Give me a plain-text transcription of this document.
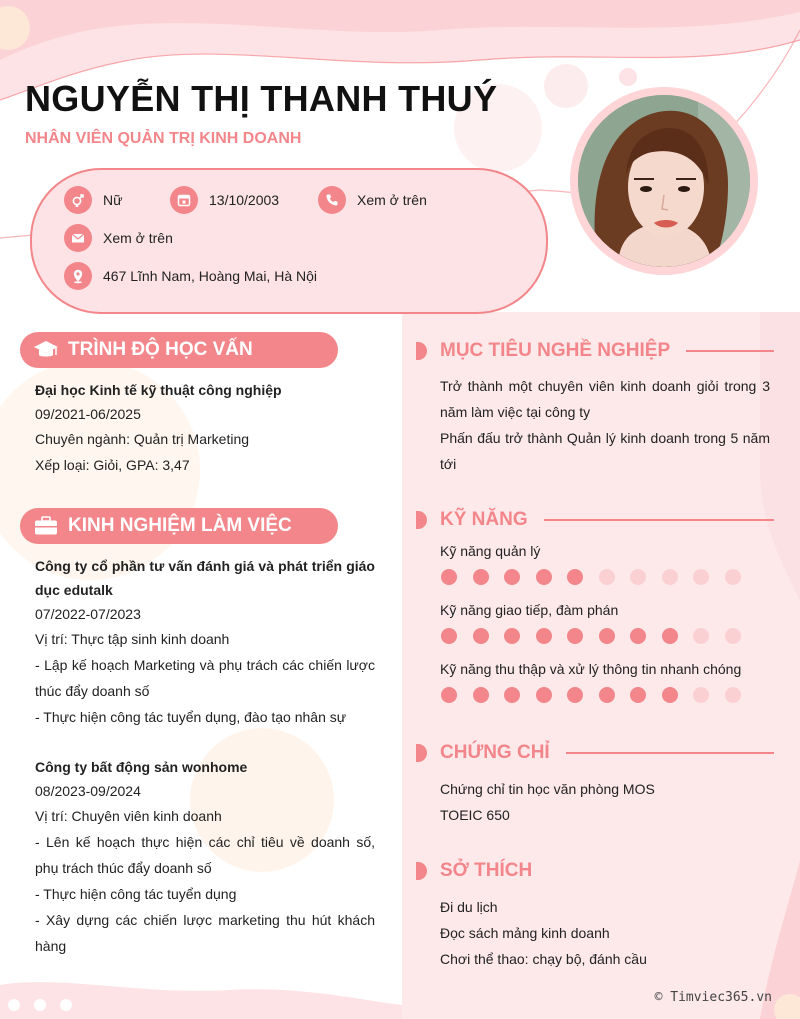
NGUYỄN THỊ THANH THUÝ
NHÂN VIÊN QUẢN TRỊ KINH DOANH
Nữ	13/10/2003	Xem ở trên
Xem ở trên
467 Lĩnh Nam, Hoàng Mai, Hà Nội
TRÌNH ĐỘ HỌC VẤN
Đại học Kinh tế kỹ thuật công nghiệp
09/2021-06/2025
Chuyên ngành: Quản trị Marketing
Xếp loại: Giỏi, GPA: 3,47
KINH NGHIỆM LÀM VIỆC
Công ty cổ phần tư vấn đánh giá và phát triển giáo dục edutalk
07/2022-07/2023
Vị trí: Thực tập sinh kinh doanh
- Lập kế hoạch Marketing và phụ trách các chiến lược thúc đẩy doanh số
- Thực hiện công tác tuyển dụng, đào tạo nhân sự
Công ty bất động sản wonhome
08/2023-09/2024
Vị trí: Chuyên viên kinh doanh
- Lên kế hoạch thực hiện các chỉ tiêu về doanh số, phụ trách thúc đẩy doanh số
- Thực hiện công tác tuyển dụng
- Xây dựng các chiến lược marketing thu hút khách hàng
MỤC TIÊU NGHỀ NGHIỆP
Trở thành một chuyên viên kinh doanh giỏi trong 3 năm làm việc tại công ty
Phấn đấu trở thành Quản lý kinh doanh trong 5 năm tới
KỸ NĂNG
Kỹ năng quản lý
Kỹ năng giao tiếp, đàm phán
Kỹ năng thu thập và xử lý thông tin nhanh chóng
CHỨNG CHỈ
Chứng chỉ tin học văn phòng MOS
TOEIC 650
SỞ THÍCH
Đi du lịch
Đọc sách mảng kinh doanh
Chơi thể thao: chạy bộ, đánh cầu
© Timviec365.vn
